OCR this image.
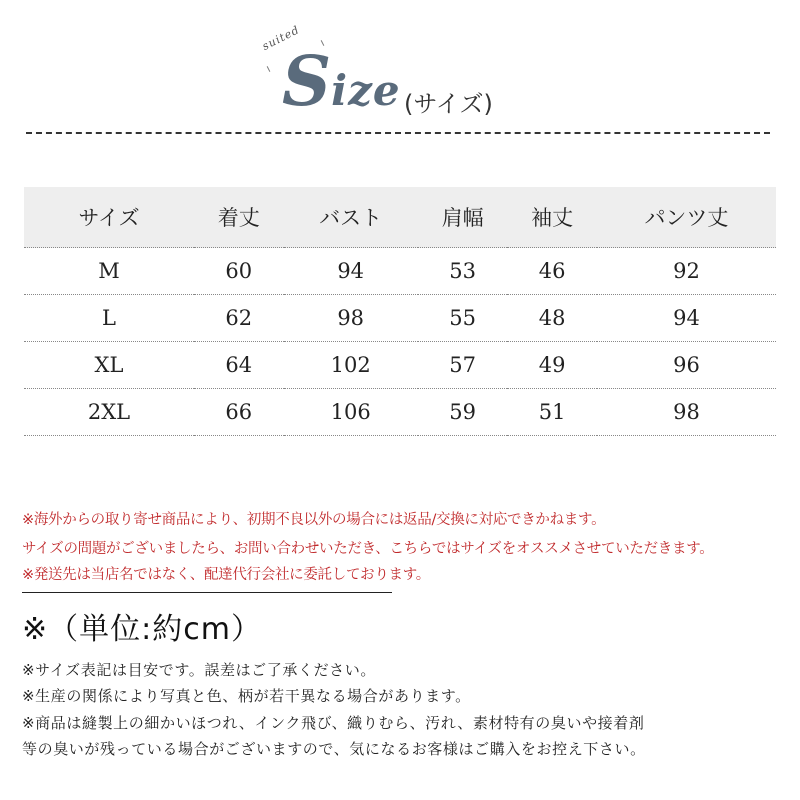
suited
Size (サイズ)
サイズ	着丈	バスト	肩幅	袖丈	パンツ丈
M	60	94	53	46	92
L	62	98	55	48	94
XL	64	102	57	49	96
2XL	66	106	59	51	98
※海外からの取り寄せ商品により、初期不良以外の場合には返品/交換に対応できかねます。
サイズの問題がございましたら、お問い合わせいただき、こちらではサイズをオススメさせていただきます。
※発送先は当店名ではなく、配達代行会社に委託しております。
※（単位:約cm）
※サイズ表記は目安です。誤差はご了承ください。
※生産の関係により写真と色、柄が若干異なる場合があります。
※商品は縫製上の細かいほつれ、インク飛び、織りむら、汚れ、素材特有の臭いや接着剤
等の臭いが残っている場合がございますので、気になるお客様はご購入をお控え下さい。
